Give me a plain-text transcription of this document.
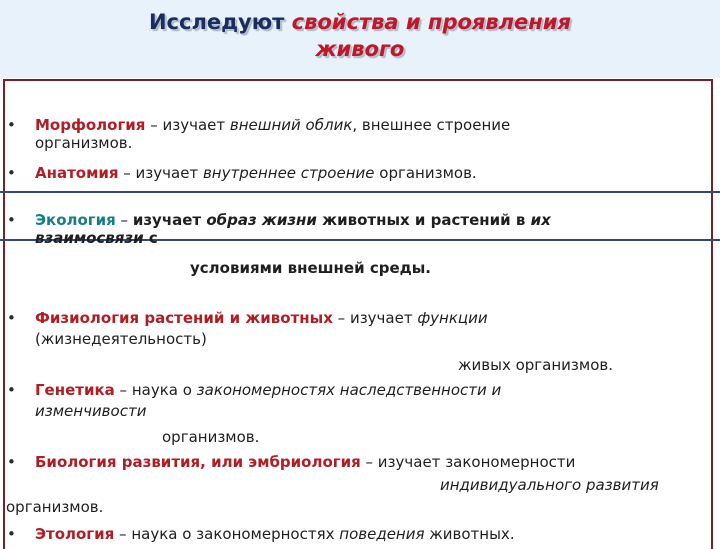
Исследуют свойства и проявления
живого
• Морфология – изучает внешний облик, внешнее строение
организмов.
• Анатомия – изучает внутреннее строение организмов.
• Экология – изучает образ жизни животных и растений в их
взаимосвязи с
условиями внешней среды.
• Физиология растений и животных – изучает функции
(жизнедеятельность)
живых организмов.
• Генетика – наука о закономерностях наследственности и
изменчивости
организмов.
• Биология развития, или эмбриология – изучает закономерности
индивидуального развития
организмов.
• Этология – наука о закономерностях поведения животных.
